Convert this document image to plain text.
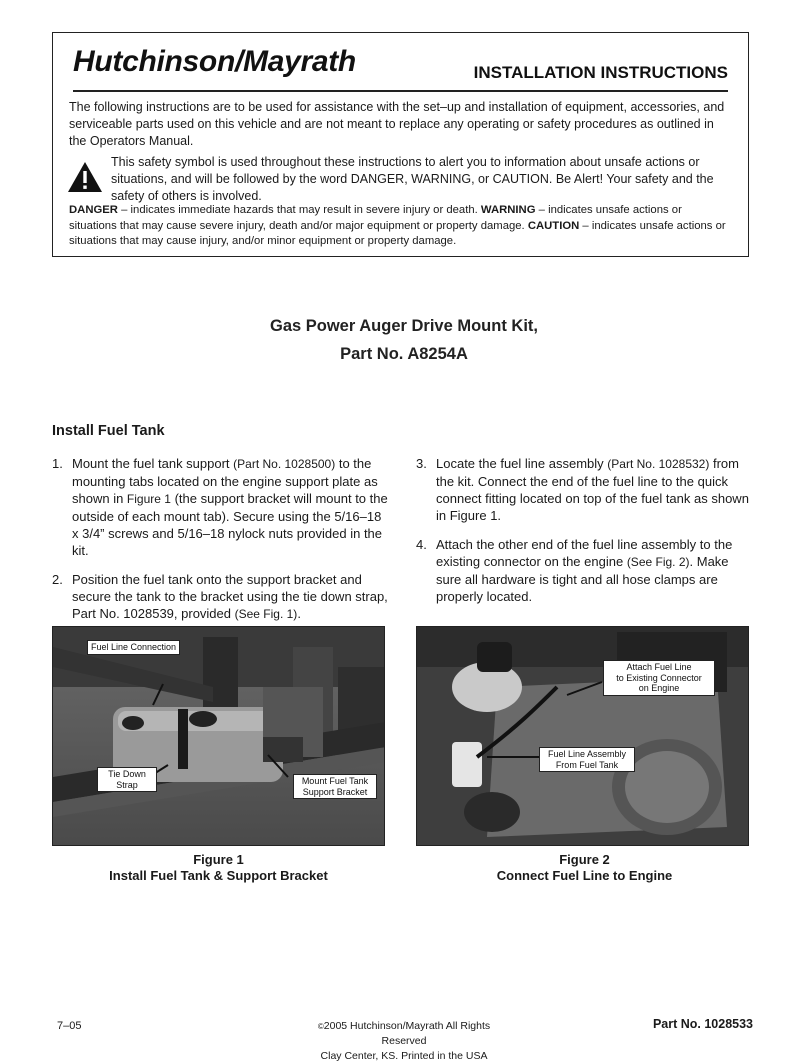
Hutchinson/Mayrath	INSTALLATION INSTRUCTIONS
The following instructions are to be used for assistance with the set–up and installation of equipment, accessories, and serviceable parts used on this vehicle and are not meant to replace any operating or safety procedures as outlined in the Operators Manual.
This safety symbol is used throughout these instructions to alert you to information about unsafe actions or situations, and will be followed by the word DANGER, WARNING, or CAUTION. Be Alert! Your safety and the safety of others is involved.
DANGER – indicates immediate hazards that may result in severe injury or death. WARNING – indicates unsafe actions or situations that may cause severe injury, death and/or major equipment or property damage. CAUTION – indicates unsafe actions or situations that may cause injury, and/or minor equipment or property damage.
Gas Power Auger Drive Mount Kit,
Part No. A8254A
Install Fuel Tank

1. Mount the fuel tank support (Part No. 1028500) to the mounting tabs located on the engine support plate as shown in Figure 1 (the support bracket will mount to the outside of each mount tab). Secure using the 5/16–18 x 3/4” screws and 5/16–18 nylock nuts provided in the kit.

2. Position the fuel tank onto the support bracket and secure the tank to the bracket using the tie down strap, Part No. 1028539, provided (See Fig. 1).

3. Locate the fuel line assembly (Part No. 1028532) from the kit. Connect the end of the fuel line to the quick connect fitting located on top of the fuel tank as shown in Figure 1.

4. Attach the other end of the fuel line assembly to the existing connector on the engine (See Fig. 2). Make sure all hardware is tight and all hose clamps are properly located.

Fuel Line Connection
Tie Down
Strap	Mount Fuel Tank
Support Bracket
Figure 1
Install Fuel Tank & Support Bracket
Attach Fuel Line
to Existing Connector
on Engine
Fuel Line Assembly
From Fuel Tank
Figure 2
Connect Fuel Line to Engine
7–05	©2005 Hutchinson/Mayrath All Rights Reserved
Clay Center, KS. Printed in the USA
Part No. 1028533
